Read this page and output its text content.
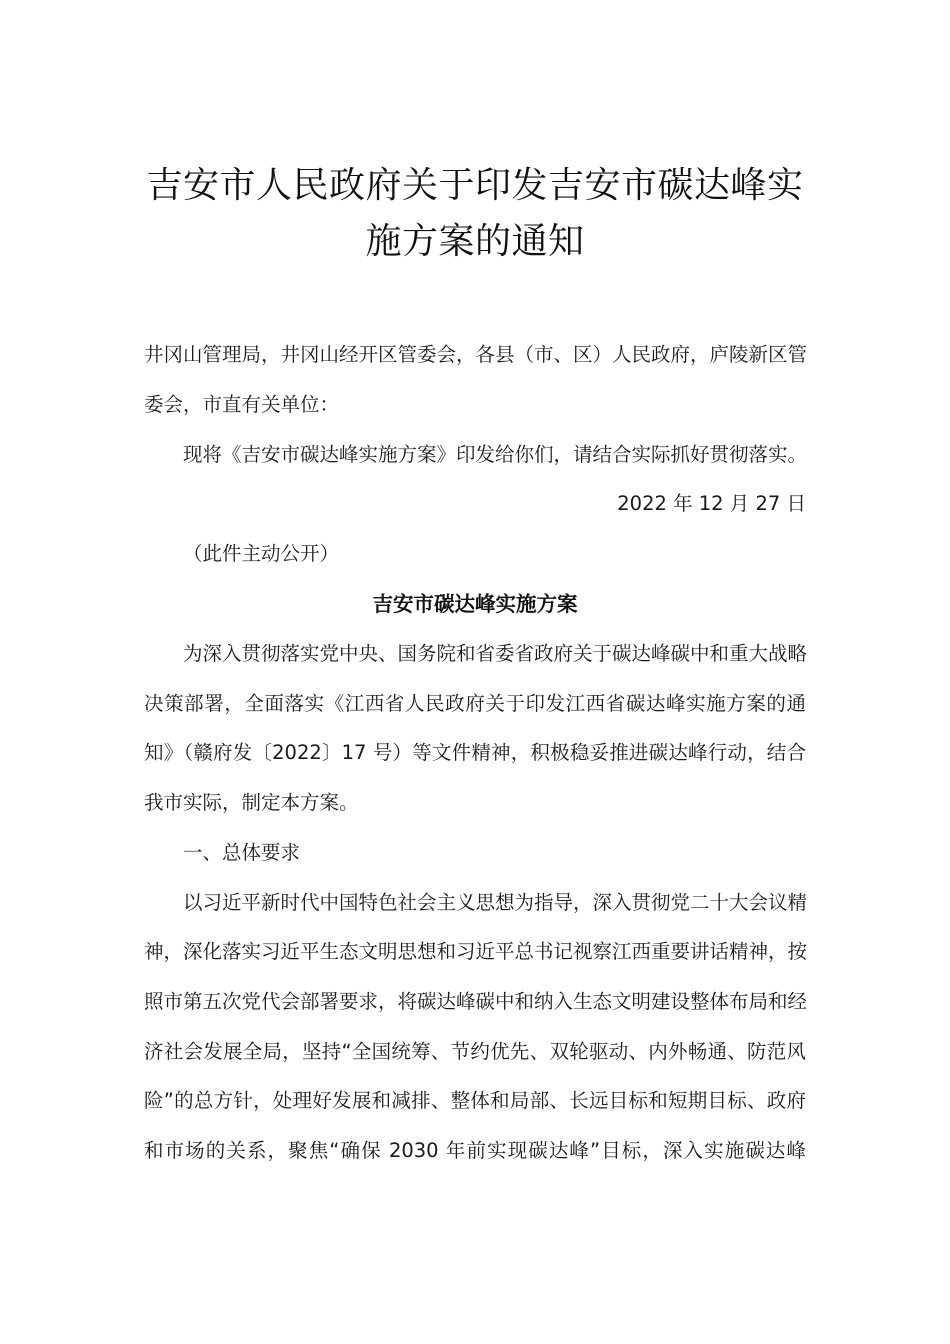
吉安市人民政府关于印发吉安市碳达峰实
施方案的通知
井冈山管理局，井冈山经开区管委会，各县（市、区）人民政府，庐陵新区管
委会，市直有关单位：
现将《吉安市碳达峰实施方案》印发给你们，请结合实际抓好贯彻落实。
2022 年 12 月 27 日
（此件主动公开）
吉安市碳达峰实施方案
为深入贯彻落实党中央、国务院和省委省政府关于碳达峰碳中和重大战略
决策部署，全面落实《江西省人民政府关于印发江西省碳达峰实施方案的通
知》（赣府发〔2022〕17 号）等文件精神，积极稳妥推进碳达峰行动，结合
我市实际，制定本方案。
一、总体要求
以习近平新时代中国特色社会主义思想为指导，深入贯彻党二十大会议精
神，深化落实习近平生态文明思想和习近平总书记视察江西重要讲话精神，按
照市第五次党代会部署要求，将碳达峰碳中和纳入生态文明建设整体布局和经
济社会发展全局，坚持“全国统筹、节约优先、双轮驱动、内外畅通、防范风
险”的总方针，处理好发展和减排、整体和局部、长远目标和短期目标、政府
和市场的关系，聚焦“确保 2030 年前实现碳达峰”目标，深入实施碳达峰
